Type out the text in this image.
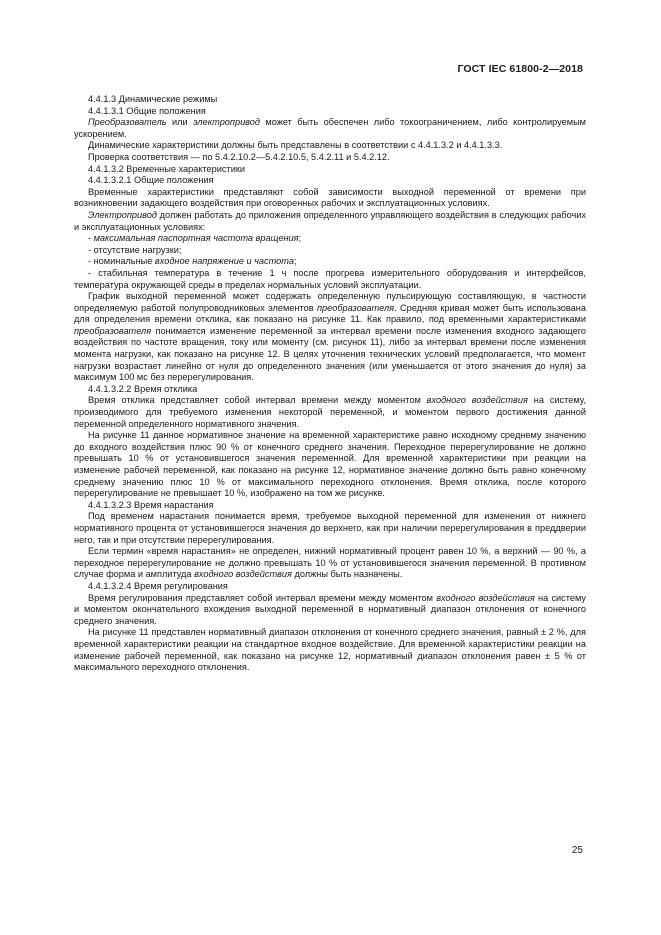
ГОСТ IEC 61800-2—2018

4.4.1.3 Динамические режимы

4.4.1.3.1 Общие положения

Преобразователь или электропривод может быть обеспечен либо токоограничением, либо контролируемым ускорением.

Динамические характеристики должны быть представлены в соответствии с 4.4.1.3.2 и 4.4.1.3.3.

Проверка соответствия — по 5.4.2.10.2—5.4.2.10.5, 5.4.2.11 и 5.4.2.12.

4.4.1.3.2 Временные характеристики

4.4.1.3.2.1 Общие положения

Временные характеристики представляют собой зависимости выходной переменной от времени при возникновении задающего воздействия при оговоренных рабочих и эксплуатационных условиях.

Электропривод должен работать до приложения определенного управляющего воздействия в следующих рабочих и эксплуатационных условиях:

- максимальная паспортная частота вращения;

- отсутствие нагрузки;

- номинальные входное напряжение и частота;

- стабильная температура в течение 1 ч после прогрева измерительного оборудования и интерфейсов, температура окружающей среды в пределах нормальных условий эксплуатации.

График выходной переменной может содержать определенную пульсирующую составляющую, в частности определяемую работой полупроводниковых элементов преобразователя. Средняя кривая может быть использована для определения времени отклика, как показано на рисунке 11. Как правило, под временными характеристиками преобразователя понимается изменение переменной за интервал времени после изменения входного задающего воздействия по частоте вращения, току или моменту (см. рисунок 11), либо за интервал времени после изменения момента нагрузки, как показано на рисунке 12. В целях уточнения технических условий предполагается, что момент нагрузки возрастает линейно от нуля до определенного значения (или уменьшается от этого значения до нуля) за максимум 100 мс без перерегулирования.

4.4.1.3.2.2 Время отклика

Время отклика представляет собой интервал времени между моментом входного воздействия на систему, производимого для требуемого изменения некоторой переменной, и моментом первого достижения данной переменной определенного нормативного значения.

На рисунке 11 данное нормативное значение на временной характеристике равно исходному среднему значению до входного воздействия плюс 90 % от конечного среднего значения. Переходное перерегулирование не должно превышать 10 % от установившегося значения переменной. Для временной характеристики при реакции на изменение рабочей переменной, как показано на рисунке 12, нормативное значение должно быть равно конечному среднему значению плюс 10 % от максимального переходного отклонения. Время отклика, после которого перерегулирование не превышает 10 %, изображено на том же рисунке.

4.4.1.3.2.3 Время нарастания

Под временем нарастания понимается время, требуемое выходной переменной для изменения от нижнего нормативного процента от установившегося значения до верхнего, как при наличии перерегулирования в преддверии него, так и при отсутствии перерегулирования.

Если термин «время нарастания» не определен, нижний нормативный процент равен 10 %, а верхний — 90 %, а переходное перерегулирование не должно превышать 10 % от установившегося значения переменной. В противном случае форма и амплитуда входного воздействия должны быть назначены.

4.4.1.3.2.4 Время регулирования

Время регулирования представляет собой интервал времени между моментом входного воздействия на систему и моментом окончательного вхождения выходной переменной в нормативный диапазон отклонения от конечного среднего значения.

На рисунке 11 представлен нормативный диапазон отклонения от конечного среднего значения, равный ± 2 %, для временной характеристики реакции на стандартное входное воздействие. Для временной характеристики реакции на изменение рабочей переменной, как показано на рисунке 12, нормативный диапазон отклонения равен ± 5 % от максимального переходного отклонения.

25
